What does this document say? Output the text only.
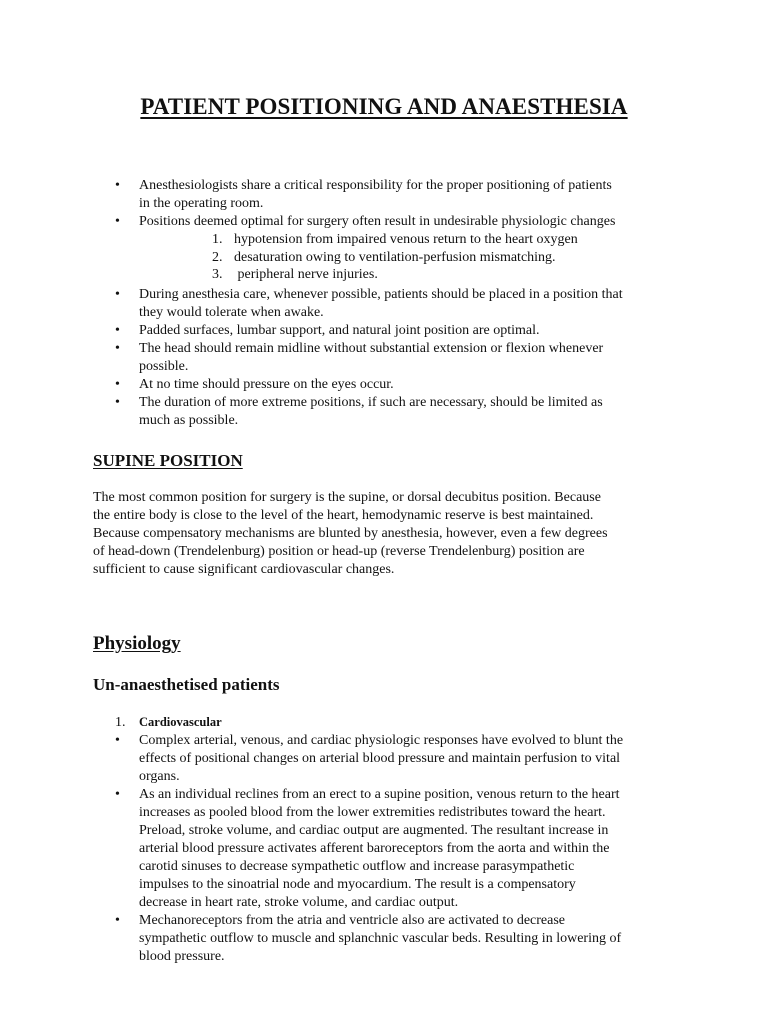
PATIENT POSITIONING AND ANAESTHESIA
• Anesthesiologists share a critical responsibility for the proper positioning of patients
in the operating room.
• Positions deemed optimal for surgery often result in undesirable physiologic changes
1. hypotension from impaired venous return to the heart oxygen
2. desaturation owing to ventilation-perfusion mismatching.
3. peripheral nerve injuries.
• During anesthesia care, whenever possible, patients should be placed in a position that
they would tolerate when awake.
• Padded surfaces, lumbar support, and natural joint position are optimal.
• The head should remain midline without substantial extension or flexion whenever
possible.
• At no time should pressure on the eyes occur.
• The duration of more extreme positions, if such are necessary, should be limited as
much as possible.
SUPINE POSITION

The most common position for surgery is the supine, or dorsal decubitus position. Because
the entire body is close to the level of the heart, hemodynamic reserve is best maintained.
Because compensatory mechanisms are blunted by anesthesia, however, even a few degrees
of head-down (Trendelenburg) position or head-up (reverse Trendelenburg) position are
sufficient to cause significant cardiovascular changes.

Physiology
Un-anaesthetised patients
1. Cardiovascular
• Complex arterial, venous, and cardiac physiologic responses have evolved to blunt the
effects of positional changes on arterial blood pressure and maintain perfusion to vital
organs.
• As an individual reclines from an erect to a supine position, venous return to the heart
increases as pooled blood from the lower extremities redistributes toward the heart.
Preload, stroke volume, and cardiac output are augmented. The resultant increase in
arterial blood pressure activates afferent baroreceptors from the aorta and within the
carotid sinuses to decrease sympathetic outflow and increase parasympathetic
impulses to the sinoatrial node and myocardium. The result is a compensatory
decrease in heart rate, stroke volume, and cardiac output.
• Mechanoreceptors from the atria and ventricle also are activated to decrease
sympathetic outflow to muscle and splanchnic vascular beds. Resulting in lowering of
blood pressure.
